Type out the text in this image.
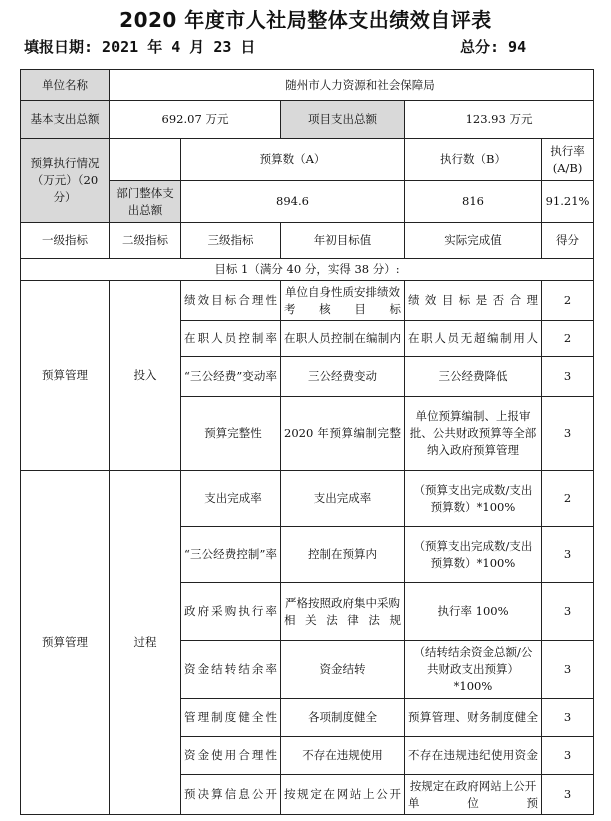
2020 年度市人社局整体支出绩效自评表
填报日期: 2021 年 4 月 23 日	总分: 94
单位名称	随州市人力资源和社会保障局				
基本支出总额	692.07 万元		项目支出总额	123.93 万元	
预算执行情况（万元）（20 分）		预算数（A）		执行数（B）	执行率(A/B)
	部门整体支出总额	894.6		816	91.21%
一级指标	二级指标	三级指标	年初目标值	实际完成值	得分
目标 1（满分 40 分，实得 38 分）:					
预算管理	投入	绩效目标合理性	单位自身性质安排绩效考核目标	绩效目标是否合理	2
		在职人员控制率	在职人员控制在编制内	在职人员无超编制用人	2
		“三公经费”变动率	三公经费变动	三公经费降低	3
		预算完整性	2020 年预算编制完整	单位预算编制、上报审批、公共财政预算等全部纳入政府预算管理	3
预算管理	过程	支出完成率	支出完成率	（预算支出完成数/支出预算数）*100%	2
		“三公经费控制”率	控制在预算内	（预算支出完成数/支出预算数）*100%	3
		政府采购执行率	严格按照政府集中采购相关法律法规	执行率 100%	3
		资金结转结余率	资金结转	（结转结余资金总额/公共财政支出预算）*100%	3
		管理制度健全性	各项制度健全	预算管理、财务制度健全	3
		资金使用合理性	不存在违规使用	不存在违规违纪使用资金	3
		预决算信息公开	按规定在网站上公开	按规定在政府网站上公开单位预	3
